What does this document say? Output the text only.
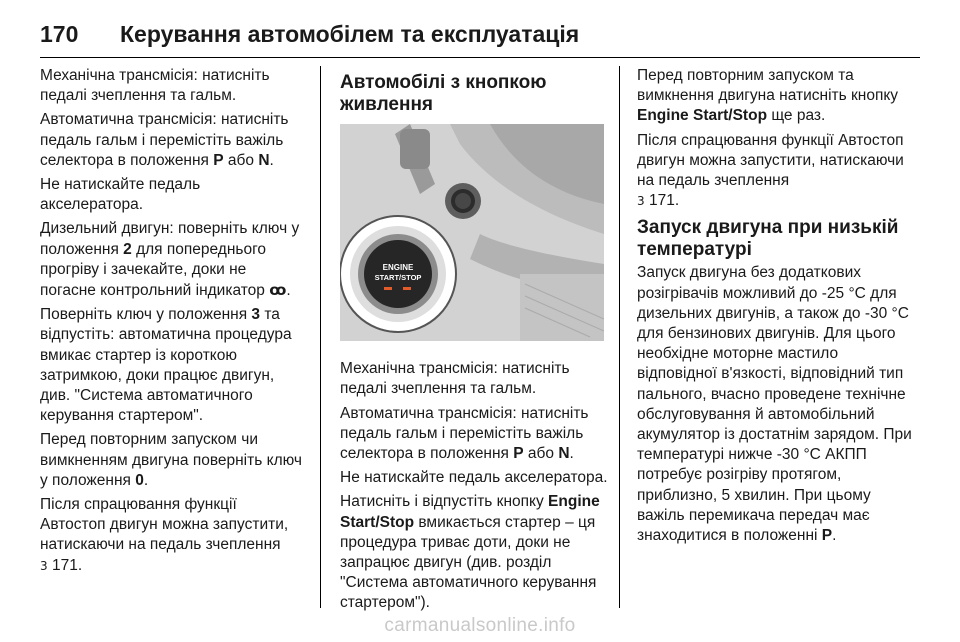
170	Керування автомобілем та експлуатація

Механічна трансмісія: натисніть педалі зчеплення та гальм.

Автоматична трансмісія: натисніть педаль гальм і перемістіть важіль селектора в положення P або N.

Не натискайте педаль акселератора.

Дизельний двигун: поверніть ключ у положення 2 для попереднього прогріву і зачекайте, доки не погасне контрольний індикатор ꝏ.

Поверніть ключ у положення 3 та відпустіть: автоматична процедура вмикає стартер із короткою затримкою, доки працює двигун, див. "Система автоматичного керування стартером".

Перед повторним запуском чи вимкненням двигуна поверніть ключ у положення 0.

Після спрацювання функції Автостоп двигун можна запустити, натискаючи на педаль зчеплення
3 171.

Автомобілі з кнопкою живлення
ENGINE
START/STOP

Механічна трансмісія: натисніть педалі зчеплення та гальм.

Автоматична трансмісія: натисніть педаль гальм і перемістіть важіль селектора в положення P або N.

Не натискайте педаль акселератора.

Натисніть і відпустіть кнопку Engine Start/Stop вмикається стартер – ця процедура триває доти, доки не запрацює двигун (див. розділ "Система автоматичного керування стартером").

Перед повторним запуском та вимкнення двигуна натисніть кнопку Engine Start/Stop ще раз.

Після спрацювання функції Автостоп двигун можна запустити, натискаючи на педаль зчеплення
3 171.

Запуск двигуна при низькій температурі

Запуск двигуна без додаткових розігрівачів можливий до -25 °C для дизельних двигунів, а також до -30 °C для бензинових двигунів. Для цього необхідне моторне мастило відповідної в'язкості, відповідний тип пального, вчасно проведене технічне обслуговування й автомобільний акумулятор із достатнім зарядом. При температурі нижче -30 °C АКПП потребує розігріву протягом, приблизно, 5 хвилин. При цьому важіль перемикача передач має знаходитися в положенні P.

carmanualsonline.info
